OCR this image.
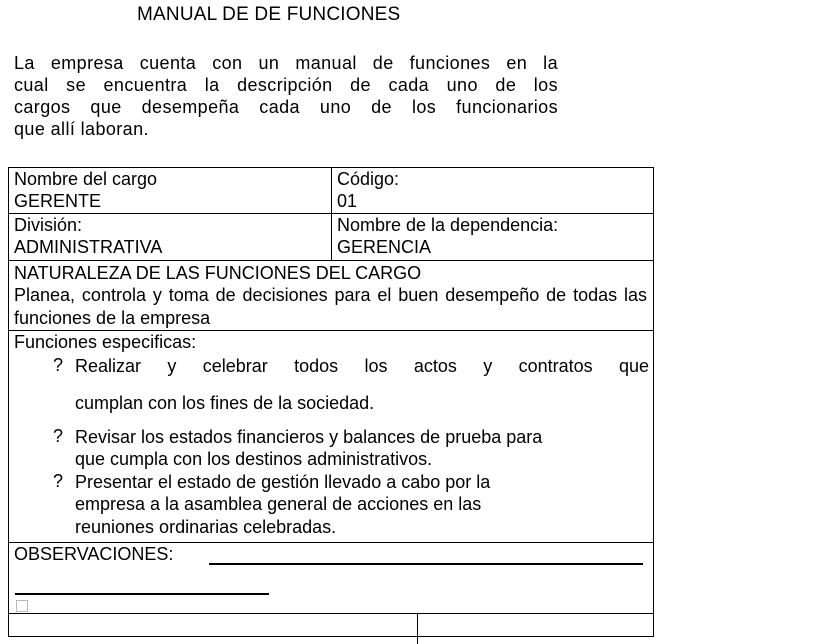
MANUAL DE DE FUNCIONES
La empresa cuenta con un manual de funciones en la
cual se encuentra la descripción de cada uno de los
cargos que desempeña cada uno de los funcionarios
que allí laboran.
Nombre del cargo
GERENTE
Código:
01
División:
ADMINISTRATIVA
Nombre de la dependencia:
GERENCIA
NATURALEZA DE LAS FUNCIONES DEL CARGO
Planea, controla y toma de decisiones para el buen desempeño de todas las funciones de la empresa
Funciones especificas:
? Realizar y celebrar todos los actos y contratos que
cumplan con los fines de la sociedad.
? Revisar los estados financieros y balances de prueba para
que cumpla con los destinos administrativos.
? Presentar el estado de gestión llevado a cabo por la
empresa a la asamblea general de acciones en las
reuniones ordinarias celebradas.
OBSERVACIONES:
